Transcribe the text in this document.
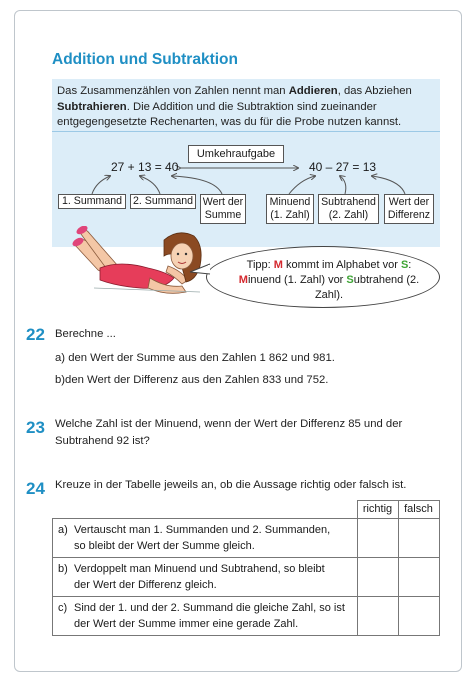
Addition und Subtraktion
Das Zusammenzählen von Zahlen nennt man Addieren, das Abziehen Subtrahieren. Die Addition und die Subtraktion sind zueinander entgegengesetzte Rechenarten, was du für die Probe nutzen kannst.
27 + 13 = 40
Umkehraufgabe
40 – 27 = 13
1. Summand	2. Summand Wert der
Summe
Minuend
(1. Zahl)
Subtrahend
(2. Zahl)
Wert der
Differenz
Tipp: M kommt im Alphabet vor S:
Minuend (1. Zahl) vor Subtrahend (2. Zahl).
22 Berechne ...
a) den Wert der Summe aus den Zahlen 1 862 und 981.
b)den Wert der Differenz aus den Zahlen 833 und 752.
23 Welche Zahl ist der Minuend, wenn der Wert der Differenz 85 und der
Subtrahend 92 ist?
24 Kreuze in der Tabelle jeweils an, ob die Aussage richtig oder falsch ist.

	richtig	falsch

a) Vertauscht man 1. Summanden und 2. Summanden,
so bleibt der Wert der Summe gleich.		

b) Verdoppelt man Minuend und Subtrahend, so bleibt
der Wert der Differenz gleich.		

c) Sind der 1. und der 2. Summand die gleiche Zahl, so ist
der Wert der Summe immer eine gerade Zahl.		
